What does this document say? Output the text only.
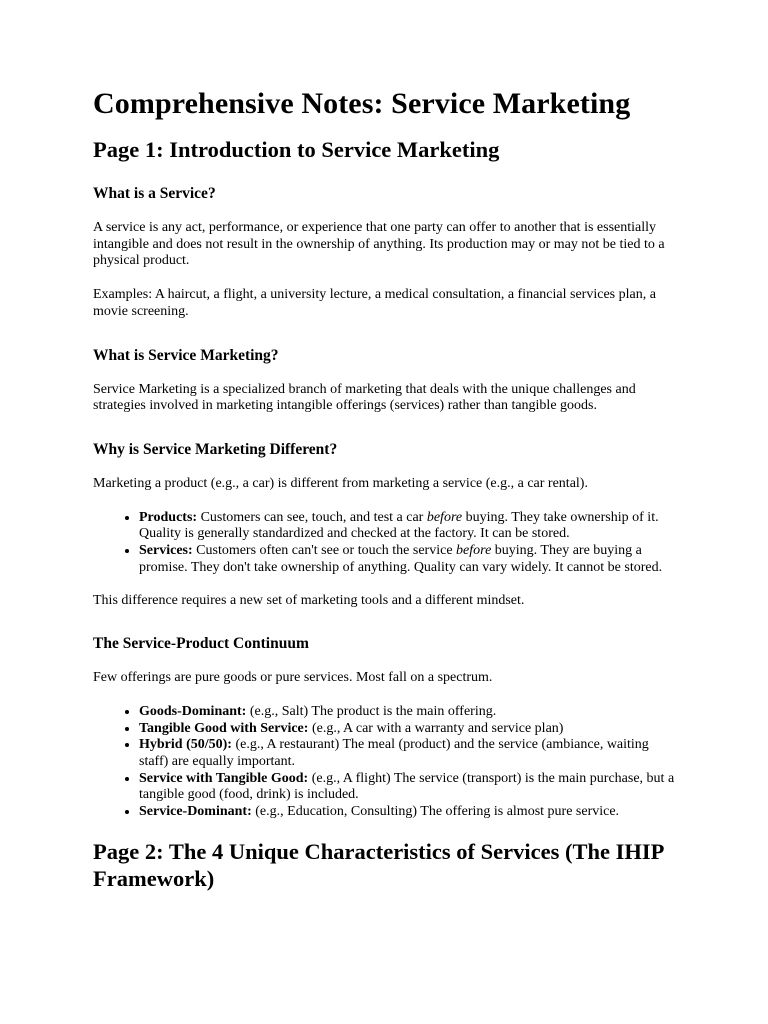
Comprehensive Notes: Service Marketing
Page 1: Introduction to Service Marketing
What is a Service?

A service is any act, performance, or experience that one party can offer to another that is essentially intangible and does not result in the ownership of anything. Its production may or may not be tied to a physical product.

Examples: A haircut, a flight, a university lecture, a medical consultation, a financial services plan, a movie screening.

What is Service Marketing?

Service Marketing is a specialized branch of marketing that deals with the unique challenges and strategies involved in marketing intangible offerings (services) rather than tangible goods.

Why is Service Marketing Different?

Marketing a product (e.g., a car) is different from marketing a service (e.g., a car rental).

• Products: Customers can see, touch, and test a car before buying. They take ownership of it. Quality is generally standardized and checked at the factory. It can be stored.
• Services: Customers often can't see or touch the service before buying. They are buying a promise. They don't take ownership of anything. Quality can vary widely. It cannot be stored.

This difference requires a new set of marketing tools and a different mindset.

The Service-Product Continuum

Few offerings are pure goods or pure services. Most fall on a spectrum.

• Goods-Dominant: (e.g., Salt) The product is the main offering.
• Tangible Good with Service: (e.g., A car with a warranty and service plan)
• Hybrid (50/50): (e.g., A restaurant) The meal (product) and the service (ambiance, waiting staff) are equally important.
• Service with Tangible Good: (e.g., A flight) The service (transport) is the main purchase, but a tangible good (food, drink) is included.
• Service-Dominant: (e.g., Education, Consulting) The offering is almost pure service.
Page 2: The 4 Unique Characteristics of Services (The IHIP Framework)
